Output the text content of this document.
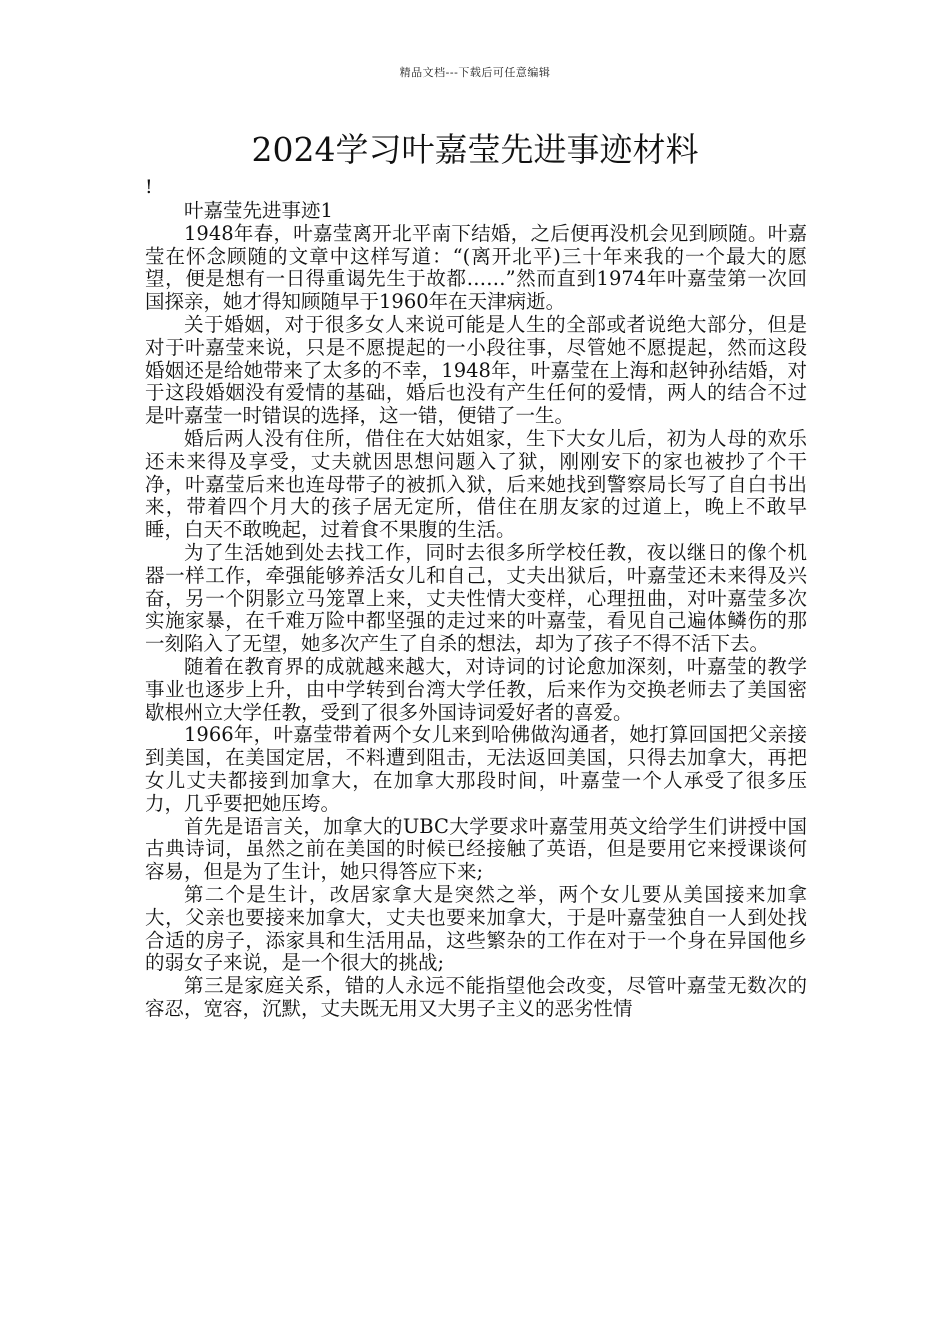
精品文档---下载后可任意编辑
2024学习叶嘉莹先进事迹材料
!

叶嘉莹先进事迹1

1948年春，叶嘉莹离开北平南下结婚，之后便再没机会见到顾随。叶嘉莹在怀念顾随的文章中这样写道：“(离开北平)三十年来我的一个最大的愿望，便是想有一日得重谒先生于故都……”然而直到1974年叶嘉莹第一次回国探亲，她才得知顾随早于1960年在天津病逝。

关于婚姻，对于很多女人来说可能是人生的全部或者说绝大部分，但是对于叶嘉莹来说，只是不愿提起的一小段往事，尽管她不愿提起，然而这段婚姻还是给她带来了太多的不幸，1948年，叶嘉莹在上海和赵钟孙结婚，对于这段婚姻没有爱情的基础，婚后也没有产生任何的爱情，两人的结合不过是叶嘉莹一时错误的选择，这一错，便错了一生。

婚后两人没有住所，借住在大姑姐家，生下大女儿后，初为人母的欢乐还未来得及享受，丈夫就因思想问题入了狱，刚刚安下的家也被抄了个干净，叶嘉莹后来也连母带子的被抓入狱，后来她找到警察局长写了自白书出来，带着四个月大的孩子居无定所，借住在朋友家的过道上，晚上不敢早睡，白天不敢晚起，过着食不果腹的生活。

为了生活她到处去找工作，同时去很多所学校任教，夜以继日的像个机器一样工作，牵强能够养活女儿和自己，丈夫出狱后，叶嘉莹还未来得及兴奋，另一个阴影立马笼罩上来，丈夫性情大变样，心理扭曲，对叶嘉莹多次实施家暴，在千难万险中都坚强的走过来的叶嘉莹，看见自己遍体鳞伤的那一刻陷入了无望，她多次产生了自杀的想法，却为了孩子不得不活下去。

随着在教育界的成就越来越大，对诗词的讨论愈加深刻，叶嘉莹的教学事业也逐步上升，由中学转到台湾大学任教，后来作为交换老师去了美国密歇根州立大学任教，受到了很多外国诗词爱好者的喜爱。

1966年，叶嘉莹带着两个女儿来到哈佛做沟通者，她打算回国把父亲接到美国，在美国定居，不料遭到阻击，无法返回美国，只得去加拿大，再把女儿丈夫都接到加拿大，在加拿大那段时间，叶嘉莹一个人承受了很多压力，几乎要把她压垮。

首先是语言关，加拿大的UBC大学要求叶嘉莹用英文给学生们讲授中国古典诗词，虽然之前在美国的时候已经接触了英语，但是要用它来授课谈何容易，但是为了生计，她只得答应下来;

第二个是生计，改居家拿大是突然之举，两个女儿要从美国接来加拿大，父亲也要接来加拿大，丈夫也要来加拿大，于是叶嘉莹独自一人到处找合适的房子，添家具和生活用品，这些繁杂的工作在对于一个身在异国他乡的弱女子来说，是一个很大的挑战;

第三是家庭关系，错的人永远不能指望他会改变，尽管叶嘉莹无数次的容忍，宽容，沉默，丈夫既无用又大男子主义的恶劣性情
